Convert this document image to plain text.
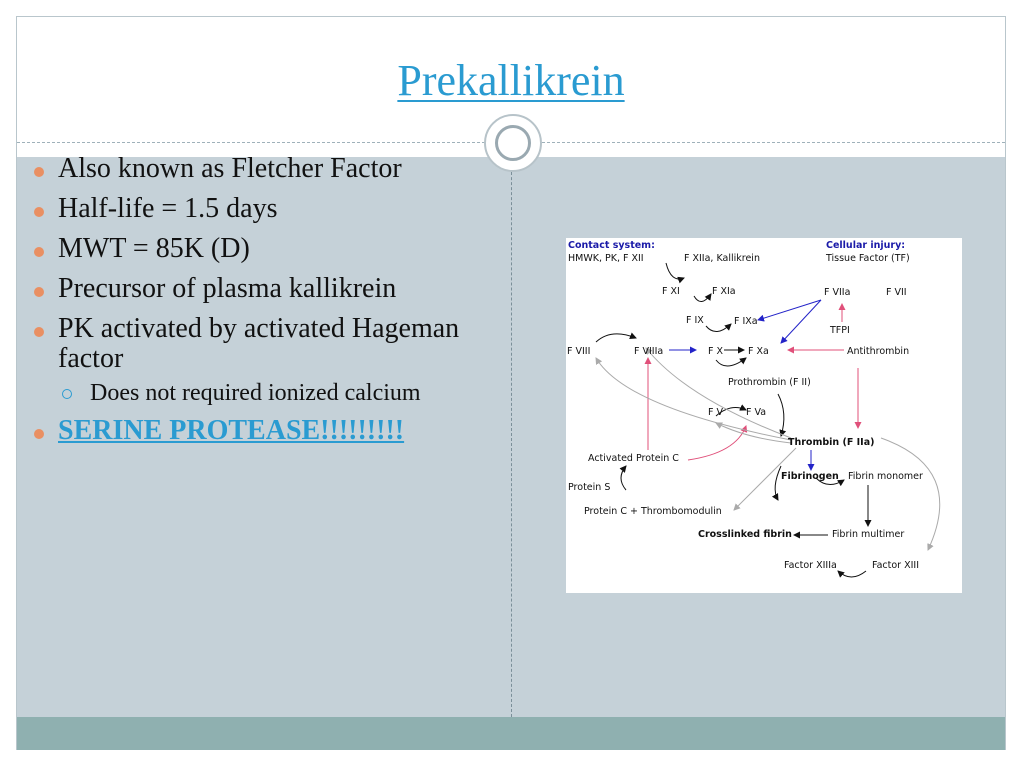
Prekallikrein
Also known as Fletcher Factor
Half-life = 1.5 days
MWT = 85K (D)
Precursor of plasma kallikrein
PK activated by activated Hageman factor
Does not required ionized calcium
SERINE PROTEASE!!!!!!!!!
Contact system:
HMWK, PK, F XII	F XIIa, Kallikrein
Cellular injury:
Tissue Factor (TF)
F XI	F XIa	F VIIa	F VII
F IX	F IXa
TFPI
F VIII	F VIIIa	F X	F Xa	Antithrombin
Prothrombin (F II)
F V F Va
Thrombin (F IIa)
Activated Protein C
Fibrinogen Fibrin monomer
Protein S
Protein C + Thrombomodulin
Crosslinked fibrin	Fibrin multimer
Factor XIIIa	Factor XIII
